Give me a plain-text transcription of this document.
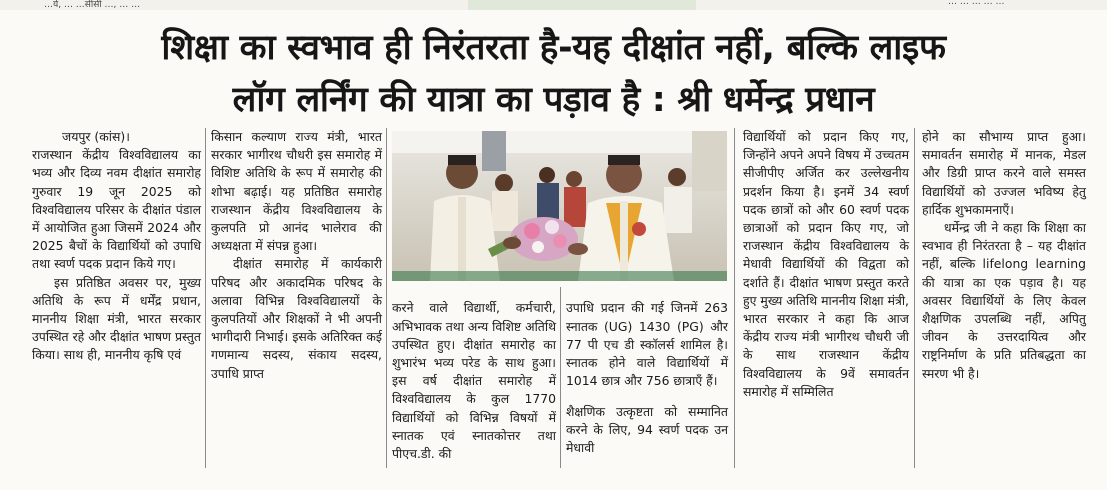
…र्य, … …सीसी …, … …	… … … … …
शिक्षा का स्वभाव ही निरंतरता है-यह दीक्षांत नहीं, बल्कि लाइफ
लॉग लर्निंग की यात्रा का पड़ाव है : श्री धर्मेन्द्र प्रधान

जयपुर (कांस)।

राजस्थान केंद्रीय विश्वविद्यालय का भव्य और दिव्य नवम दीक्षांत समारोह गुरुवार 19 जून 2025 को विश्वविद्यालय परिसर के दीक्षांत पंडाल में आयोजित हुआ जिसमें 2024 और 2025 बैचों के विद्यार्थियों को उपाधि तथा स्वर्ण पदक प्रदान किये गए।

इस प्रतिष्ठित अवसर पर, मुख्य अतिथि के रूप में धर्मेंद्र प्रधान, माननीय शिक्षा मंत्री, भारत सरकार उपस्थित रहे और दीक्षांत भाषण प्रस्तुत किया। साथ ही, माननीय कृषि एवं

किसान कल्याण राज्य मंत्री, भारत सरकार भागीरथ चौधरी इस समारोह में विशिष्ट अतिथि के रूप में समारोह की शोभा बढ़ाई। यह प्रतिष्ठित समारोह राजस्थान केंद्रीय विश्वविद्यालय के कुलपति प्रो आनंद भालेराव की अध्यक्षता में संपन्न हुआ।

दीक्षांत समारोह में कार्यकारी परिषद और अकादमिक परिषद के अलावा विभिन्न विश्वविद्यालयों के कुलपतियों और शिक्षकों ने भी अपनी भागीदारी निभाई। इसके अतिरिक्त कई गणमान्य सदस्य, संकाय सदस्य, उपाधि प्राप्त

करने वाले विद्यार्थी, कर्मचारी, अभिभावक तथा अन्य विशिष्ट अतिथि उपस्थित हुए। दीक्षांत समारोह का शुभारंभ भव्य परेड के साथ हुआ। इस वर्ष दीक्षांत समारोह में विश्वविद्यालय के कुल 1770 विद्यार्थियों को विभिन्न विषयों में स्नातक एवं स्नातकोत्तर तथा पीएच.डी. की

उपाधि प्रदान की गई जिनमें 263 स्नातक (UG) 1430 (PG) और 77 पी एच डी स्कॉलर्स शामिल है। स्नातक होने वाले विद्यार्थियों में 1014 छात्र और 756 छात्राएँ हैं।

शैक्षणिक उत्कृष्टता को सम्मानित करने के लिए, 94 स्वर्ण पदक उन मेधावी

विद्यार्थियों को प्रदान किए गए, जिन्होंने अपने अपने विषय में उच्चतम सीजीपीए अर्जित कर उल्लेखनीय प्रदर्शन किया है। इनमें 34 स्वर्ण पदक छात्रों को और 60 स्वर्ण पदक छात्राओं को प्रदान किए गए, जो राजस्थान केंद्रीय विश्वविद्यालय के मेधावी विद्यार्थियों की विद्वता को दर्शाते हैं। दीक्षांत भाषण प्रस्तुत करते हुए मुख्य अतिथि माननीय शिक्षा मंत्री, भारत सरकार ने कहा कि आज केंद्रीय राज्य मंत्री भागीरथ चौधरी जी के साथ राजस्थान केंद्रीय विश्वविद्यालय के 9वें समावर्तन समारोह में सम्मिलित

होने का सौभाग्य प्राप्त हुआ। समावर्तन समारोह में मानक, मेडल और डिग्री प्राप्त करने वाले समस्त विद्यार्थियों को उज्जल भविष्य हेतु हार्दिक शुभकामनाएँ।

धर्मेन्द्र जी ने कहा कि शिक्षा का स्वभाव ही निरंतरता है – यह दीक्षांत नहीं, बल्कि lifelong learning की यात्रा का एक पड़ाव है। यह अवसर विद्यार्थियों के लिए केवल शैक्षणिक उपलब्धि नहीं, अपितु जीवन के उत्तरदायित्व और राष्ट्रनिर्माण के प्रति प्रतिबद्धता का स्मरण भी है।
